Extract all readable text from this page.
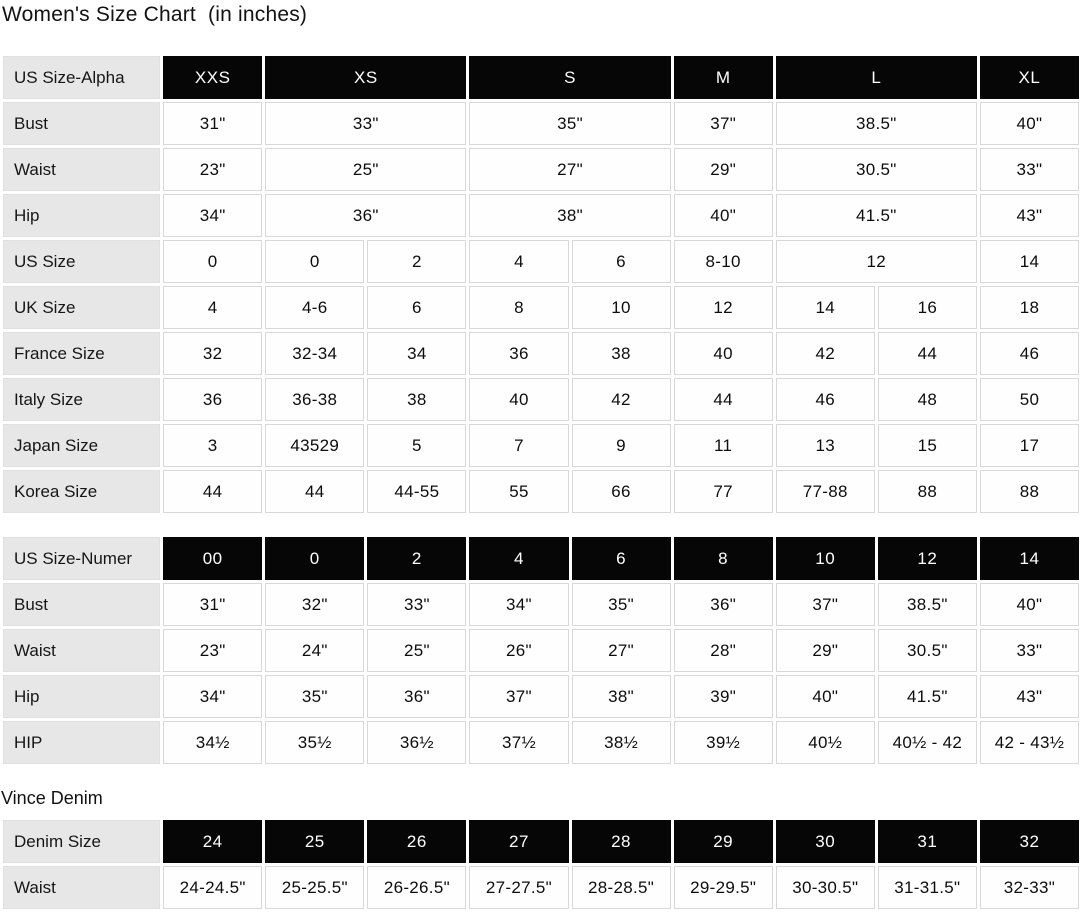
Women's Size Chart  (in inches)
US Size-Alpha	XXS	XS		S		M	L		XL
Bust	31"	33"		35"		37"	38.5"		40"
Waist	23"	25"		27"		29"	30.5"		33"
Hip	34"	36"		38"		40"	41.5"		43"
US Size	0	0	2	4	6	8-10	12		14
UK Size	4	4-6	6	8	10	12	14	16	18
France Size	32	32-34	34	36	38	40	42	44	46
Italy Size	36	36-38	38	40	42	44	46	48	50
Japan Size	3	43529	5	7	9	11	13	15	17
Korea Size	44	44	44-55	55	66	77	77-88	88	88
US Size-Numer	00	0	2	4	6	8	10	12	14
Bust	31"	32"	33"	34"	35"	36"	37"	38.5"	40"
Waist	23"	24"	25"	26"	27"	28"	29"	30.5"	33"
Hip	34"	35"	36"	37"	38"	39"	40"	41.5"	43"
HIP	34½	35½	36½	37½	38½	39½	40½	40½ - 42	42 - 43½
Vince Denim
Denim Size	24	25	26	27	28	29	30	31	32
Waist	24-24.5"	25-25.5"	26-26.5"	27-27.5"	28-28.5"	29-29.5"	30-30.5"	31-31.5"	32-33"
